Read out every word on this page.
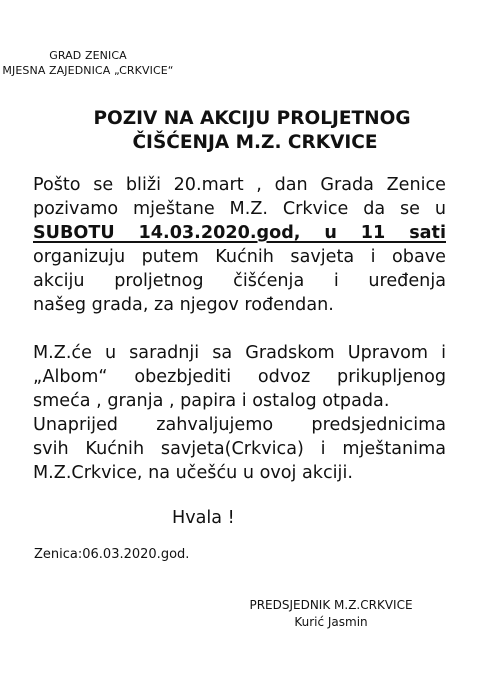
GRAD ZENICA
MJESNA ZAJEDNICA „CRKVICE“
POZIV NA AKCIJU PROLJETNOG
ČIŠĆENJA M.Z. CRKVICE
Pošto se bliži 20.mart , dan Grada Zenice
pozivamo mještane M.Z. Crkvice da se u
SUBOTU 14.03.2020.god, u 11 sati
organizuju putem Kućnih savjeta i obave
akciju proljetnog čišćenja i uređenja
našeg grada, za njegov rođendan.
M.Z.će u saradnji sa Gradskom Upravom i
„Albom“ obezbjediti odvoz prikupljenog
smeća , granja , papira i ostalog otpada.
Unaprijed zahvaljujemo predsjednicima
svih Kućnih savjeta(Crkvica) i mještanima
M.Z.Crkvice, na učešću u ovoj akciji.
Hvala !
Zenica:06.03.2020.god.
PREDSJEDNIK M.Z.CRKVICE
Kurić Jasmin
